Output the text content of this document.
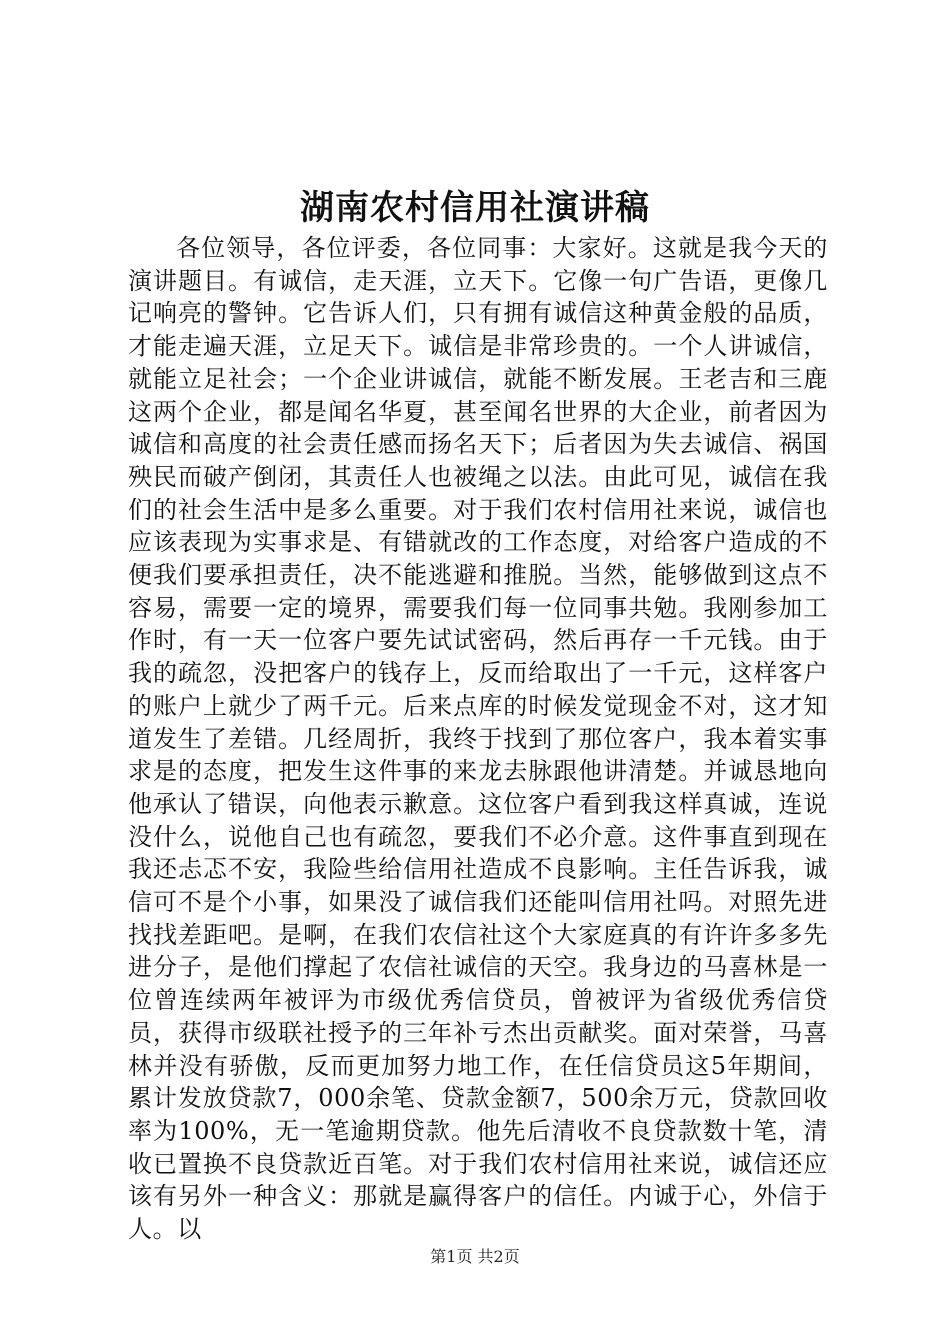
湖南农村信用社演讲稿

各位领导，各位评委，各位同事：大家好。这就是我今天的演讲题目。有诚信，走天涯，立天下。它像一句广告语，更像几记响亮的警钟。它告诉人们，只有拥有诚信这种黄金般的品质，才能走遍天涯，立足天下。诚信是非常珍贵的。一个人讲诚信，就能立足社会；一个企业讲诚信，就能不断发展。王老吉和三鹿这两个企业，都是闻名华夏，甚至闻名世界的大企业，前者因为诚信和高度的社会责任感而扬名天下；后者因为失去诚信、祸国殃民而破产倒闭，其责任人也被绳之以法。由此可见，诚信在我们的社会生活中是多么重要。对于我们农村信用社来说，诚信也应该表现为实事求是、有错就改的工作态度，对给客户造成的不便我们要承担责任，决不能逃避和推脱。当然，能够做到这点不容易，需要一定的境界，需要我们每一位同事共勉。我刚参加工作时，有一天一位客户要先试试密码，然后再存一千元钱。由于我的疏忽，没把客户的钱存上，反而给取出了一千元，这样客户的账户上就少了两千元。后来点库的时候发觉现金不对，这才知道发生了差错。几经周折，我终于找到了那位客户，我本着实事求是的态度，把发生这件事的来龙去脉跟他讲清楚。并诚恳地向他承认了错误，向他表示歉意。这位客户看到我这样真诚，连说没什么，说他自己也有疏忽，要我们不必介意。这件事直到现在我还忐忑不安，我险些给信用社造成不良影响。主任告诉我，诚信可不是个小事，如果没了诚信我们还能叫信用社吗。对照先进找找差距吧。是啊，在我们农信社这个大家庭真的有许许多多先进分子，是他们撑起了农信社诚信的天空。我身边的马喜林是一位曾连续两年被评为市级优秀信贷员，曾被评为省级优秀信贷员，获得市级联社授予的三年补亏杰出贡献奖。面对荣誉，马喜林并没有骄傲，反而更加努力地工作，在任信贷员这5年期间，累计发放贷款7，000余笔、贷款金额7，500余万元，贷款回收率为100%，无一笔逾期贷款。他先后清收不良贷款数十笔，清收已置换不良贷款近百笔。对于我们农村信用社来说，诚信还应该有另外一种含义：那就是赢得客户的信任。内诚于心，外信于人。以

第1页 共2页
